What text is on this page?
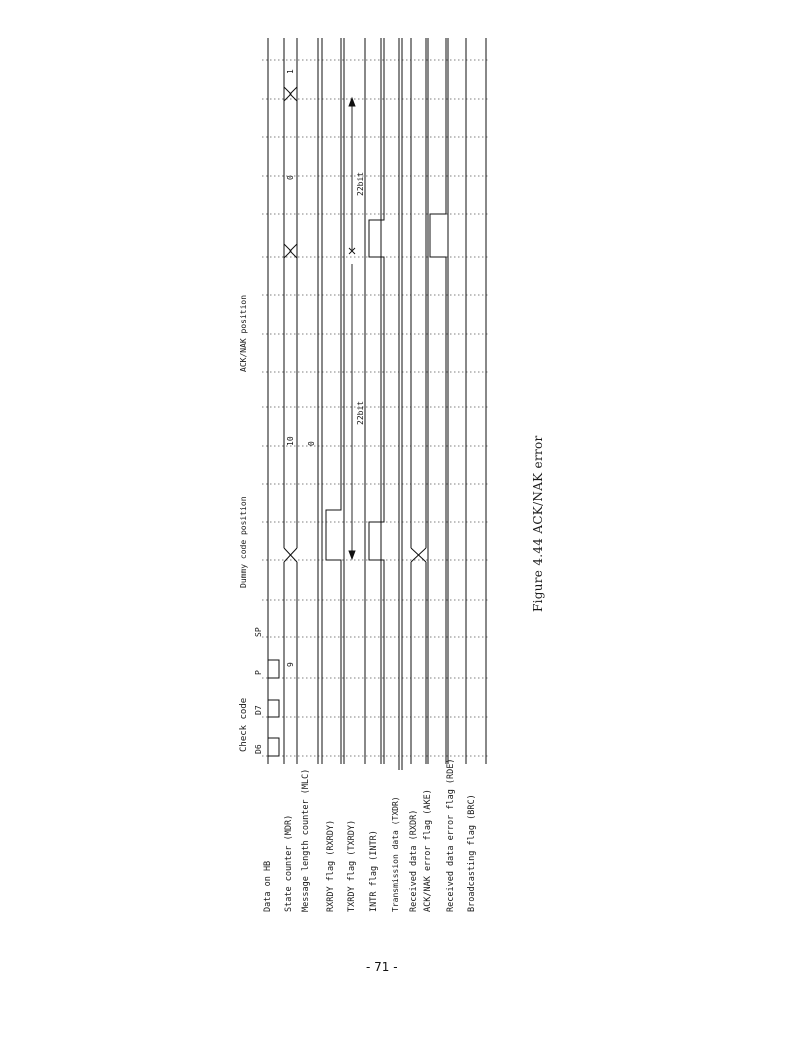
Data on HB State counter (MDR) Message length counter (MLC) RXRDY flag (RXRDY) TXRDY flag (TXRDY) INTR flag (INTR) Transmission data (TXDR) Received data (RXDR) ACK/NAK error flag (AKE) Received data error flag (RDE) Broadcasting flag (BRC)
Check code
Dummy code position
ACK/NAK position
D6
D7
P
SP
9
10
0
1
0
22bit
22bit
Figure 4.44 ACK/NAK error
- 71 -
